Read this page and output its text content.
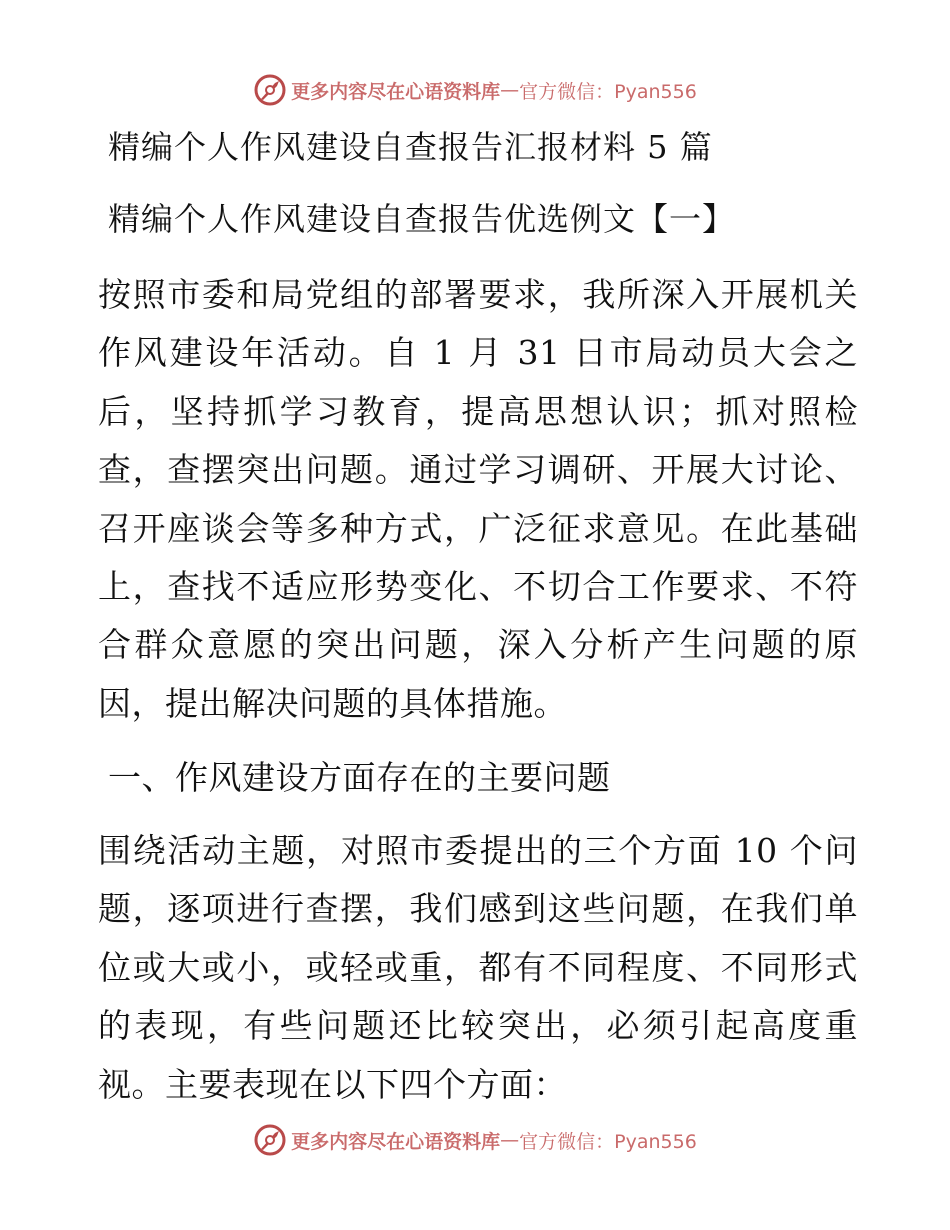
更多内容尽在心语资料库 — 官方微信：Pyan556
精编个人作风建设自查报告汇报材料 5 篇
精编个人作风建设自查报告优选例文【一】

按照市委和局党组的部署要求，我所深入开展机关作风建设年活动。自 1 月 31 日市局动员大会之后，坚持抓学习教育，提高思想认识；抓对照检查，查摆突出问题。通过学习调研、开展大讨论、召开座谈会等多种方式，广泛征求意见。在此基础上，查找不适应形势变化、不切合工作要求、不符合群众意愿的突出问题，深入分析产生问题的原因，提出解决问题的具体措施。

一、作风建设方面存在的主要问题

围绕活动主题，对照市委提出的三个方面 10 个问题，逐项进行查摆，我们感到这些问题，在我们单位或大或小，或轻或重，都有不同程度、不同形式的表现，有些问题还比较突出，必须引起高度重视。主要表现在以下四个方面：

更多内容尽在心语资料库 — 官方微信：Pyan556
